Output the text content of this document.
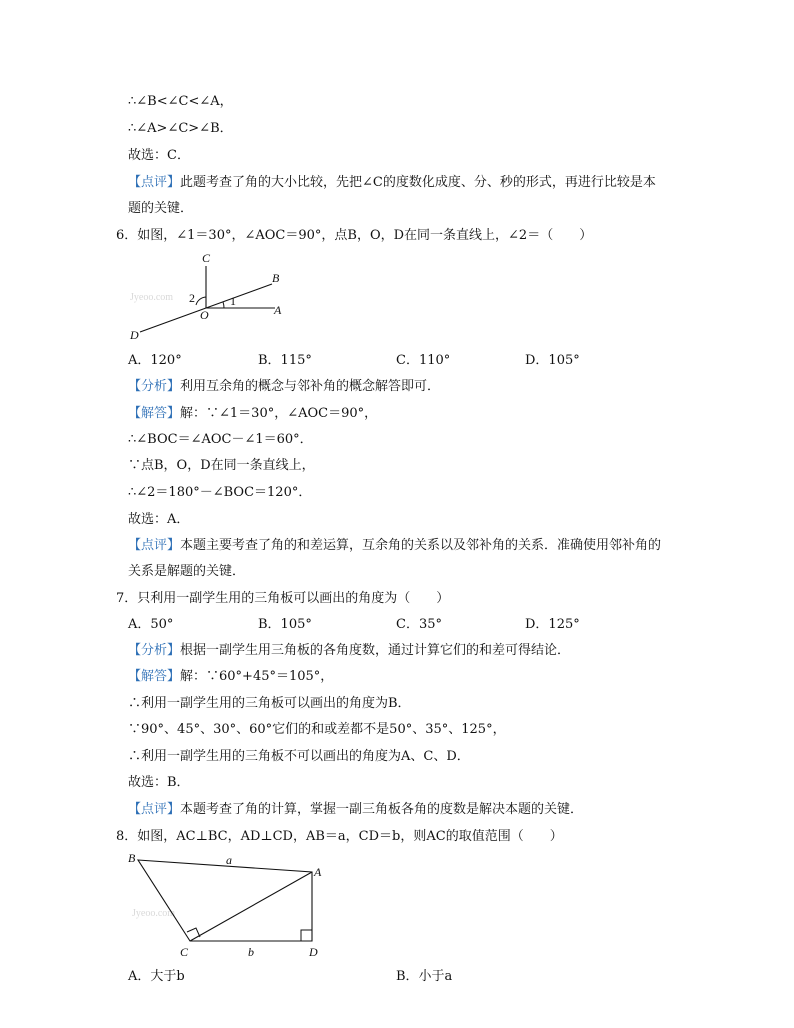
∴∠B<∠C<∠A，
∴∠A>∠C>∠B．
故选：C．
【点评】此题考查了角的大小比较，先把∠C的度数化成度、分、秒的形式，再进行比较是本
题的关键．
6．如图，∠1＝30°，∠AOC＝90°，点B，O，D在同一条直线上，∠2＝（　　）
Jyeoo.com
C
B
A
D
O
1
2
A．120°	B．115°	C．110°	D．105°
【分析】利用互余角的概念与邻补角的概念解答即可．
【解答】解：∵∠1＝30°，∠AOC＝90°，
∴∠BOC＝∠AOC－∠1＝60°．
∵点B，O，D在同一条直线上，
∴∠2＝180°－∠BOC＝120°．
故选：A．
【点评】本题主要考查了角的和差运算，互余角的关系以及邻补角的关系．准确使用邻补角的
关系是解题的关键．
7．只利用一副学生用的三角板可以画出的角度为（　　）
A．50°	B．105°	C．35°	D．125°
【分析】根据一副学生用三角板的各角度数，通过计算它们的和差可得结论．
【解答】解：∵60°+45°＝105°，
∴利用一副学生用的三角板可以画出的角度为B．
∵90°、45°、30°、60°它们的和或差都不是50°、35°、125°，
∴利用一副学生用的三角板不可以画出的角度为A、C、D．
故选：B．
【点评】本题考查了角的计算，掌握一副三角板各角的度数是解决本题的关键．
8．如图，AC⊥BC，AD⊥CD，AB＝a，CD＝b，则AC的取值范围（　　）
Jyeoo.com
B
A
C	D
a
b
A．大于b	B．小于a
